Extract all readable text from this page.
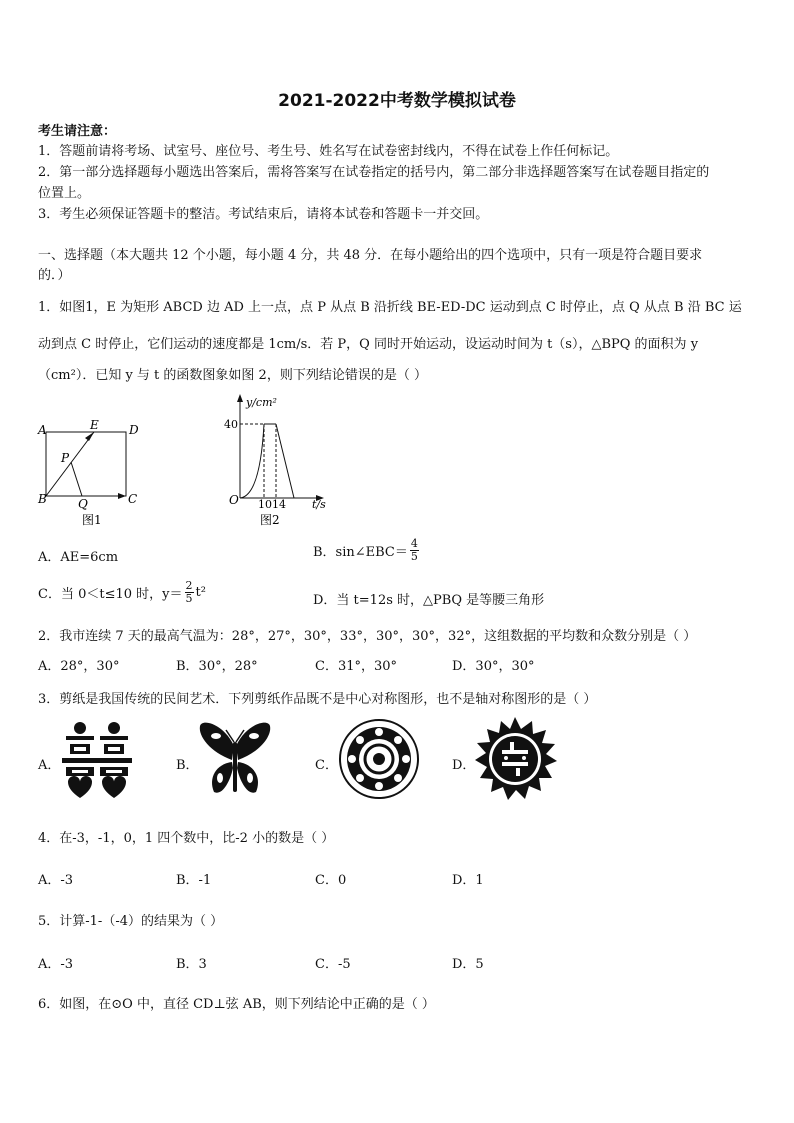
2021-2022中考数学模拟试卷
考生请注意：
1．答题前请将考场、试室号、座位号、考生号、姓名写在试卷密封线内，不得在试卷上作任何标记。
2．第一部分选择题每小题选出答案后，需将答案写在试卷指定的括号内，第二部分非选择题答案写在试卷题目指定的
位置上。
3．考生必须保证答题卡的整洁。考试结束后，请将本试卷和答题卡一并交回。
一、选择题（本大题共 12 个小题，每小题 4 分，共 48 分．在每小题给出的四个选项中，只有一项是符合题目要求
的．）
1．如图1，E 为矩形 ABCD 边 AD 上一点，点 P 从点 B 沿折线 BE-ED-DC 运动到点 C 时停止，点 Q 从点 B 沿 BC 运
动到点 C 时停止，它们运动的速度都是 1cm/s．若 P，Q 同时开始运动，设运动时间为 t（s），△BPQ 的面积为 y
（cm²）．已知 y 与 t 的函数图象如图 2，则下列结论错误的是（ ）
A	D
E
P
B	C
Q
图1
y/cm²
40
O 10 14 t/s
图2
A．AE=6cm	B．sin∠EBC＝ $\frac{4}{5}$
C．当 0＜t≤10 时，$y= \frac{2}{5} t^2$
D．当 t=12s 时，△PBQ 是等腰三角形
2．我市连续 7 天的最高气温为：28°，27°，30°，33°，30°，30°，32°，这组数据的平均数和众数分别是（ ）
A．28°，30°	B．30°，28°	C．31°，30°	D．30°，30°
3．剪纸是我国传统的民间艺术．下列剪纸作品既不是中心对称图形，也不是轴对称图形的是（ ）
A．	B．	C．	D．
4．在-3，-1，0，1 四个数中，比-2 小的数是（ ）
A．-3	B．-1	C．0	D．1
5．计算-1-（-4）的结果为（ ）
A．-3	B．3	C．-5	D．5
6．如图，在⊙O 中，直径 CD⊥弦 AB，则下列结论中正确的是（ ）
